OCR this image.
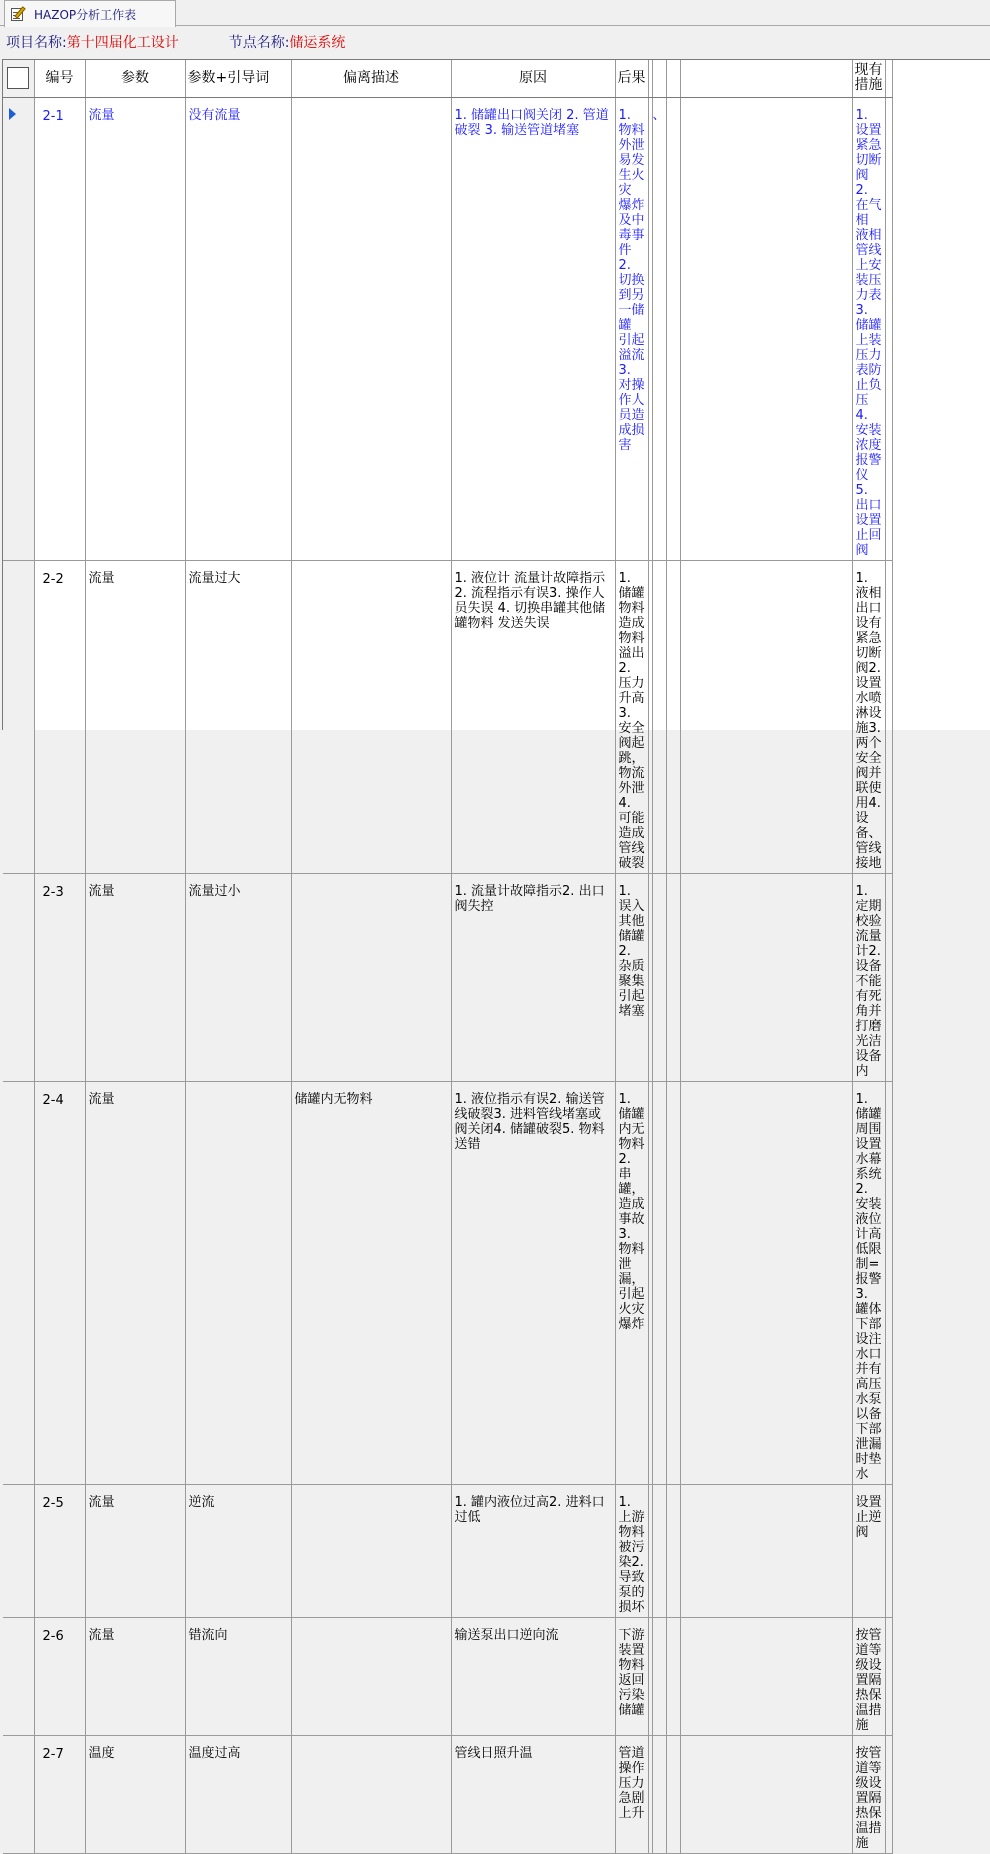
HAZOP分析工作表
项目名称: 第十四届化工设计	节点名称: 储运系统
	编号	参数	参数+引导词	偏离描述	原因	后果					现有措施	

	2-1	流量	没有流量		1. 储罐出口阀关闭 2. 管道破裂 3. 输送管道堵塞	1. 物料外泄 易发生火灾 爆炸及中毒事件 2. 切换到另一储罐 引起溢流 3. 对操作人员造成损害		、			1. 设置紧急切断阀 2. 在气相 液相 管线上安装压力表 3. 储罐上装压力表防止负压 4. 安装浓度报警仪 5. 出口设置止回阀	
	2-2	流量	流量过大		1. 液位计 流量计故障指示2. 流程指示有误3. 操作人员失误 4. 切换串罐其他储罐物料 发送失误	1. 储罐物料造成物料溢出 2. 压力升高3. 安全阀起跳，物流外泄4. 可能造成管线破裂					1. 液相出口设有紧急切断阀2. 设置水喷淋设施3. 两个安全阀并联使用4. 设备、管线接地	
	2-3	流量	流量过小		1. 流量计故障指示2. 出口阀失控	1. 误入其他储罐2. 杂质聚集引起堵塞					1. 定期校验流量计2. 设备不能有死角并打磨光洁设备内	
	2-4	流量		储罐内无物料	1. 液位指示有误2. 输送管线破裂3. 进料管线堵塞或阀关闭4. 储罐破裂5. 物料送错	1. 储罐内无物料2. 串罐，造成事故3. 物料泄漏，引起火灾爆炸					1. 储罐周围设置水幕系统2. 安装液位计高低限制=报警3. 罐体下部设注水口 并有高压水泵以备下部泄漏时垫水	
	2-5	流量	逆流		1. 罐内液位过高2. 进料口过低	1. 上游物料被污染2. 导致泵的损坏					设置止逆阀	
	2-6	流量	错流向		输送泵出口逆向流	下游装置物料返回污染储罐					按管道等级设置隔热保温措施	
	2-7	温度	温度过高		管线日照升温	管道操作压力急剧上升					按管道等级设置隔热保温措施	
